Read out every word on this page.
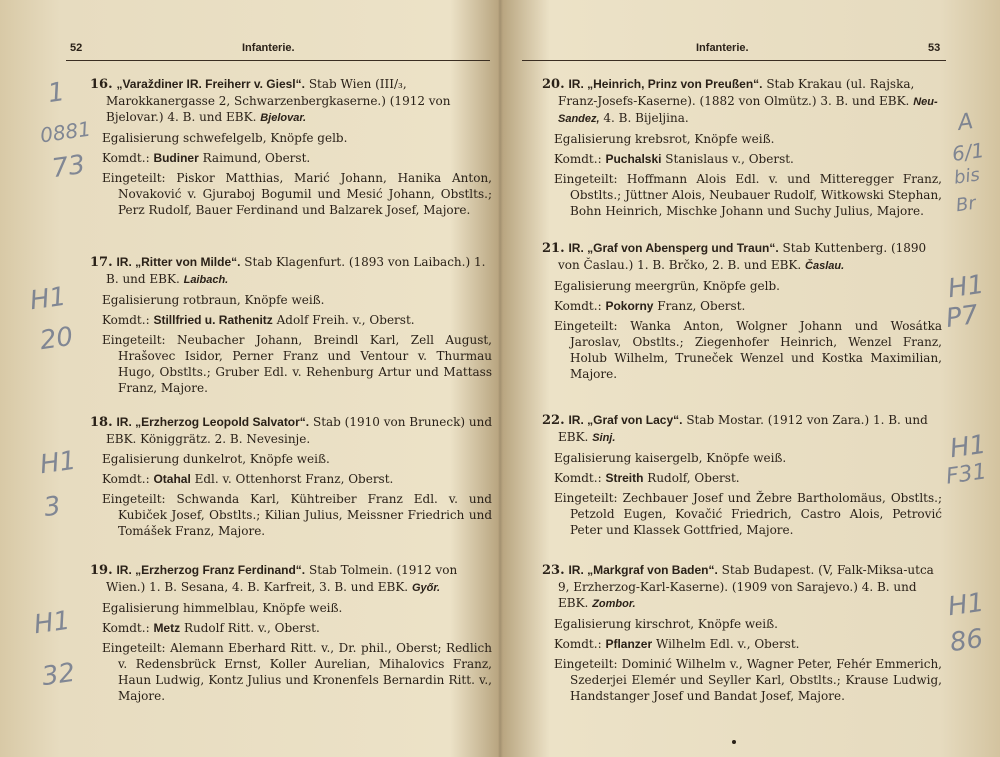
52	Infanterie.

16. „Varaždiner IR. Freiherr v. Giesl“. Stab Wien (III/₃, Marokkanergasse 2, Schwarzenbergkaserne.) (1912 von Bjelovar.) 4. B. und EBK. Bjelovar.

Egalisierung schwefelgelb, Knöpfe gelb.

Komdt.: Budiner Raimund, Oberst.

Eingeteilt: Piskor Matthias, Marić Johann, Hanika Anton, Novaković v. Gjuraboj Bogumil und Mesić Johann, Obstlts.; Perz Rudolf, Bauer Ferdinand und Balzarek Josef, Majore.

17. IR. „Ritter von Milde“. Stab Klagenfurt. (1893 von Laibach.) 1. B. und EBK. Laibach.

Egalisierung rotbraun, Knöpfe weiß.

Komdt.: Stillfried u. Rathenitz Adolf Freih. v., Oberst.

Eingeteilt: Neubacher Johann, Breindl Karl, Zell August, Hrašovec Isidor, Perner Franz und Ventour v. Thurmau Hugo, Obstlts.; Gruber Edl. v. Rehenburg Artur und Mattass Franz, Majore.

18. IR. „Erzherzog Leopold Salvator“. Stab (1910 von Bruneck) und EBK. Königgrätz. 2. B. Nevesinje.

Egalisierung dunkelrot, Knöpfe weiß.

Komdt.: Otahal Edl. v. Ottenhorst Franz, Oberst.

Eingeteilt: Schwanda Karl, Kühtreiber Franz Edl. v. und Kubiček Josef, Obstlts.; Kilian Julius, Meissner Friedrich und Tomášek Franz, Majore.

19. IR. „Erzherzog Franz Ferdinand“. Stab Tolmein. (1912 von Wien.) 1. B. Sesana, 4. B. Karfreit, 3. B. und EBK. Győr.

Egalisierung himmelblau, Knöpfe weiß.

Komdt.: Metz Rudolf Ritt. v., Oberst.

Eingeteilt: Alemann Eberhard Ritt. v., Dr. phil., Oberst; Redlich v. Redensbrück Ernst, Koller Aurelian, Mihalovics Franz, Haun Ludwig, Kontz Julius und Kronenfels Bernardin Ritt. v., Majore.

1
0881
73
H1
20
H1
3
H1
32
Infanterie.	53

20. IR. „Heinrich, Prinz von Preußen“. Stab Krakau (ul. Rajska, Franz-Josefs-Kaserne). (1882 von Olmütz.) 3. B. und EBK. Neu-Sandez, 4. B. Bijeljina.

Egalisierung krebsrot, Knöpfe weiß.

Komdt.: Puchalski Stanislaus v., Oberst.

Eingeteilt: Hoffmann Alois Edl. v. und Mitteregger Franz, Obstlts.; Jüttner Alois, Neubauer Rudolf, Witkowski Stephan, Bohn Heinrich, Mischke Johann und Suchy Julius, Majore.

21. IR. „Graf von Abensperg und Traun“. Stab Kuttenberg. (1890 von Časlau.) 1. B. Brčko, 2. B. und EBK. Časlau.

Egalisierung meergrün, Knöpfe gelb.

Komdt.: Pokorny Franz, Oberst.

Eingeteilt: Wanka Anton, Wolgner Johann und Wosátka Jaroslav, Obstlts.; Ziegenhofer Heinrich, Wenzel Franz, Holub Wilhelm, Truneček Wenzel und Kostka Maximilian, Majore.

22. IR. „Graf von Lacy“. Stab Mostar. (1912 von Zara.) 1. B. und EBK. Sinj.

Egalisierung kaisergelb, Knöpfe weiß.

Komdt.: Streith Rudolf, Oberst.

Eingeteilt: Zechbauer Josef und Žebre Bartholomäus, Obstlts.; Petzold Eugen, Kovačić Friedrich, Castro Alois, Petrović Peter und Klassek Gottfried, Majore.

23. IR. „Markgraf von Baden“. Stab Budapest. (V, Falk-Miksa-utca 9, Erzherzog-Karl-Kaserne). (1909 von Sarajevo.) 4. B. und EBK. Zombor.

Egalisierung kirschrot, Knöpfe weiß.

Komdt.: Pflanzer Wilhelm Edl. v., Oberst.

Eingeteilt: Dominić Wilhelm v., Wagner Peter, Fehér Emmerich, Szederjei Elemér und Seyller Karl, Obstlts.; Krause Ludwig, Handstanger Josef und Bandat Josef, Majore.

A
6/1
bis
Br
H1
P7
H1
F31
H1
86
